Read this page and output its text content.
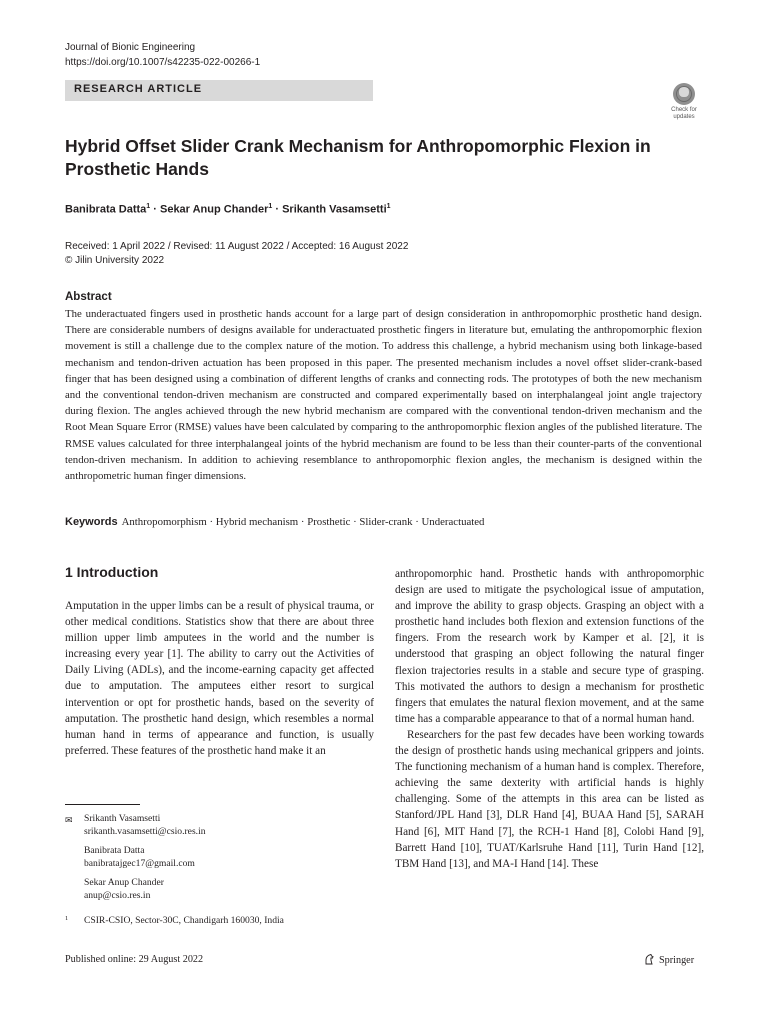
Journal of Bionic Engineering
https://doi.org/10.1007/s42235-022-00266-1
RESEARCH ARTICLE
Check for
updates
Hybrid Offset Slider Crank Mechanism for Anthropomorphic Flexion in Prosthetic Hands
Banibrata Datta$^1$ · Sekar Anup Chander$^1$ · Srikanth Vasamsetti$^1$
Received: 1 April 2022 / Revised: 11 August 2022 / Accepted: 16 August 2022
© Jilin University 2022
Abstract
The underactuated fingers used in prosthetic hands account for a large part of design consideration in anthropomorphic prosthetic hand design. There are considerable numbers of designs available for underactuated prosthetic fingers in literature but, emulating the anthropomorphic flexion movement is still a challenge due to the complex nature of the motion. To address this challenge, a hybrid mechanism using both linkage-based mechanism and tendon-driven actuation has been proposed in this paper. The presented mechanism includes a novel offset slider-crank-based finger that has been designed using a combination of different lengths of cranks and connecting rods. The prototypes of both the new mechanism and the conventional tendon-driven mechanism are constructed and compared experimentally based on interphalangeal joint angle trajectory during flexion. The angles achieved through the new hybrid mechanism are compared with the conventional tendon-driven mechanism and the Root Mean Square Error (RMSE) values have been calculated by comparing to the anthropomorphic flexion angles of the published literature. The RMSE values calculated for three interphalangeal joints of the hybrid mechanism are found to be less than their counter-parts of the conventional tendon-driven mechanism. In addition to achieving resemblance to anthropomorphic flexion angles, the mechanism is designed within the anthropometric human finger dimensions.
Keywords Anthropomorphism · Hybrid mechanism · Prosthetic · Slider-crank · Underactuated
1 Introduction

Amputation in the upper limbs can be a result of physical trauma, or other medical conditions. Statistics show that there are about three million upper limb amputees in the world and the number is increasing every year [1]. The ability to carry out the Activities of Daily Living (ADLs), and the income-earning capacity get affected due to amputation. The amputees either resort to surgical intervention or opt for prosthetic hands, based on the severity of amputation. The prosthetic hand design, which resembles a normal human hand in terms of appearance and function, is usually preferred. These features of the prosthetic hand make it an

anthropomorphic hand. Prosthetic hands with anthropomorphic design are used to mitigate the psychological issue of amputation, and improve the ability to grasp objects. Grasping an object with a prosthetic hand includes both flexion and extension functions of the fingers. From the research work by Kamper et al. [2], it is understood that grasping an object following the natural finger flexion trajectories results in a stable and secure type of grasping. This motivated the authors to design a mechanism for prosthetic fingers that emulates the natural flexion movement, and at the same time has a comparable appearance to that of a normal human hand.

Researchers for the past few decades have been working towards the design of prosthetic hands using mechanical grippers and joints. The functioning mechanism of a human hand is complex. Therefore, achieving the same dexterity with artificial hands is highly challenging. Some of the attempts in this area can be listed as Stanford/JPL Hand [3], DLR Hand [4], BUAA Hand [5], SARAH Hand [6], MIT Hand [7], the RCH-1 Hand [8], Colobi Hand [9], Barrett Hand [10], TUAT/Karlsruhe Hand [11], Turin Hand [12], TBM Hand [13], and MA-I Hand [14]. These

✉ Srikanth Vasamsetti
srikanth.vasamsetti@csio.res.in
Banibrata Datta
banibratajgec17@gmail.com
Sekar Anup Chander
anup@csio.res.in
1 CSIR-CSIO, Sector-30C, Chandigarh 160030, India
Published online: 29 August 2022	Springer
